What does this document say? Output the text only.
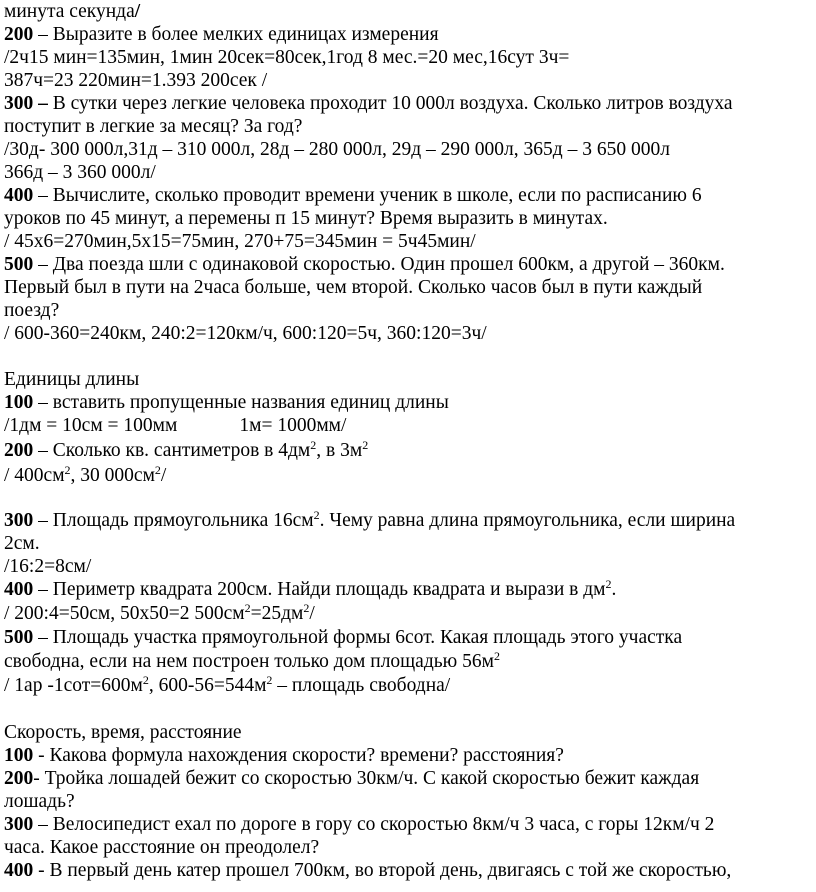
минута секунда/

200 – Выразите в более мелких единицах измерения

/2ч15 мин=135мин, 1мин 20сек=80сек,1год 8 мес.=20 мес,16сут 3ч=

387ч=23 220мин=1.393 200сек /

300 – В сутки через легкие человека проходит 10 000л воздуха. Сколько литров воздуха

поступит в легкие за месяц? За год?

/30д- 300 000л,31д – 310 000л, 28д – 280 000л, 29д – 290 000л, 365д – 3 650 000л

366д – 3 360 000л/

400 – Вычислите, сколько проводит времени ученик в школе, если по расписанию 6

уроков по 45 минут, а перемены п 15 минут? Время выразить в минутах.

/ 45х6=270мин,5х15=75мин, 270+75=345мин = 5ч45мин/

500 – Два поезда шли с одинаковой скоростью. Один прошел 600км, а другой – 360км.

Первый был в пути на 2часа больше, чем второй. Сколько часов был в пути каждый

поезд?

/ 600-360=240км, 240:2=120км/ч, 600:120=5ч, 360:120=3ч/

Единицы длины

100 – вставить пропущенные названия единиц длины

/1дм = 10см = 100мм	1м= 1000мм/

200 – Сколько кв. сантиметров в $4дм^2$, в $3м^2$

/ $400см^2$, 30 $000см^2/$

300 – Площадь прямоугольника $16см^2$. Чему равна длина прямоугольника, если ширина

2см.

/16:2=8см/

400 – Периметр квадрата 200см. Найди площадь квадрата и вырази в $дм^2$.

/ 200:4=50см, 50х50=2 $500см^2=25дм^2/$

500 – Площадь участка прямоугольной формы 6сот. Какая площадь этого участка

свободна, если на нем построен только дом площадью $56м^2$

/ 1ар $-1сот=600м^2$, $600-56=544м^2$ – площадь свободна/

Скорость, время, расстояние

100 - Какова формула нахождения скорости? времени? расстояния?

200- Тройка лошадей бежит со скоростью 30км/ч. С какой скоростью бежит каждая

лошадь?

300 – Велосипедист ехал по дороге в гору со скоростью 8км/ч 3 часа, с горы 12км/ч 2

часа. Какое расстояние он преодолел?

400 - В первый день катер прошел 700км, во второй день, двигаясь с той же скоростью,
